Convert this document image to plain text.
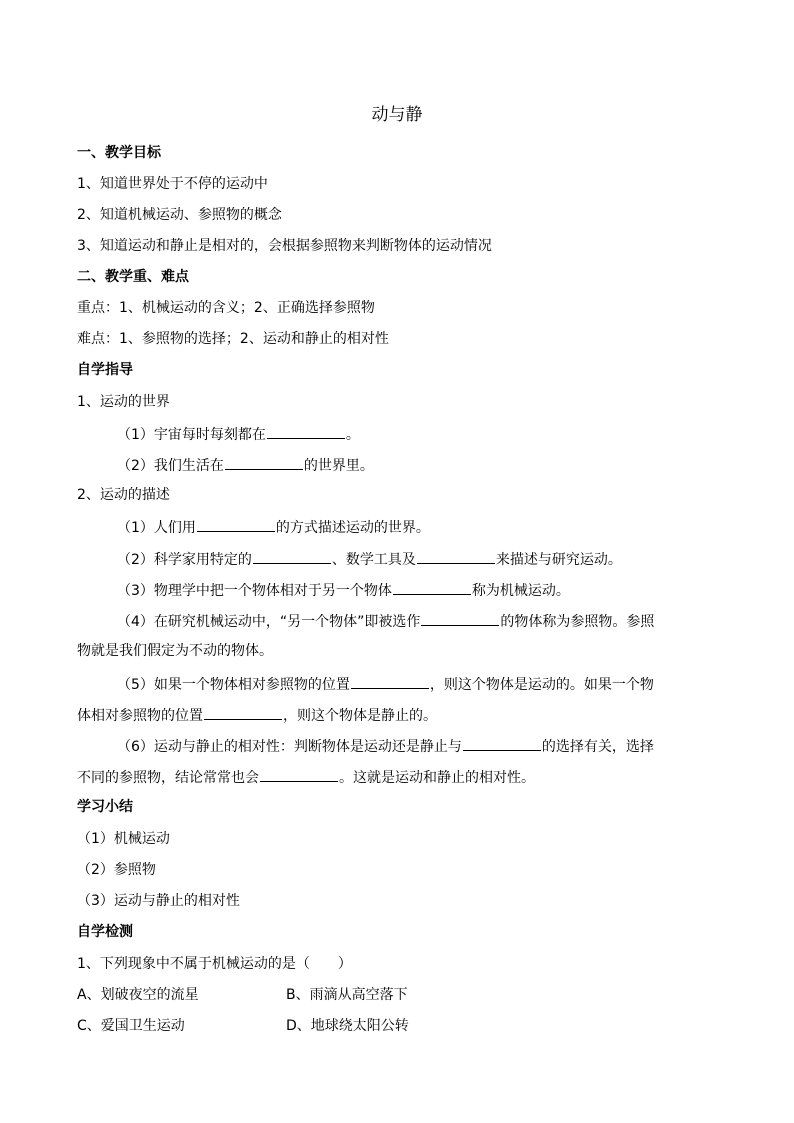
动与静
一、教学目标
1、知道世界处于不停的运动中
2、知道机械运动、参照物的概念
3、知道运动和静止是相对的，会根据参照物来判断物体的运动情况
二、教学重、难点
重点：1、机械运动的含义；2、正确选择参照物
难点：1、参照物的选择；2、运动和静止的相对性
自学指导
1、运动的世界
（1）宇宙每时每刻都在	。
（2）我们生活在	的世界里。
2、运动的描述
（1）人们用	的方式描述运动的世界。
（2）科学家用特定的	、数学工具及	来描述与研究运动。
（3）物理学中把一个物体相对于另一个物体	称为机械运动。
（4）在研究机械运动中，“另一个物体”即被选作	的物体称为参照物。参照
物就是我们假定为不动的物体。
（5）如果一个物体相对参照物的位置	，则这个物体是运动的。如果一个物
体相对参照物的位置	，则这个物体是静止的。
（6）运动与静止的相对性：判断物体是运动还是静止与	的选择有关，选择
不同的参照物，结论常常也会	。这就是运动和静止的相对性。
学习小结
（1）机械运动
（2）参照物
（3）运动与静止的相对性
自学检测
1、下列现象中不属于机械运动的是（　　）
A、划破夜空的流星	B、雨滴从高空落下
C、爱国卫生运动	D、地球绕太阳公转
